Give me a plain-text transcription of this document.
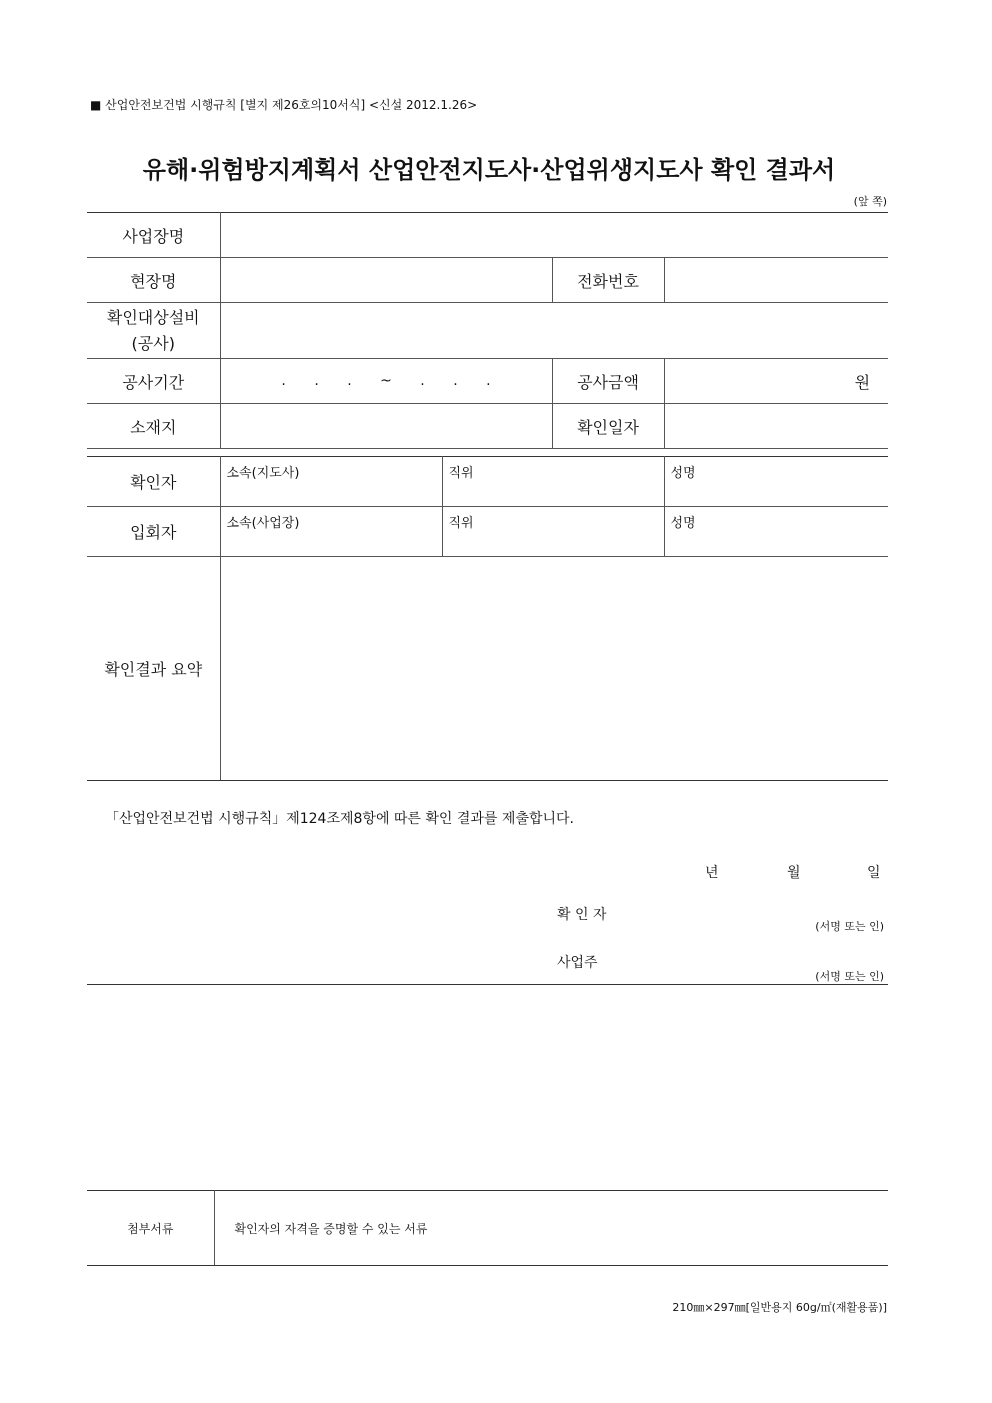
■ 산업안전보건법 시행규칙 [별지 제26호의10서식] <신설 2012.1.26>
유해·위험방지계획서 산업안전지도사·산업위생지도사 확인 결과서
(앞 쪽)
사업장명			
현장명		전화번호	

확인대상설비
(공사)			

공사기간	. . . ~ . . .	공사금액	원
소재지		확인일자	
확인자	소속(지도사)	직위	성명
입회자	소속(사업장)	직위	성명
확인결과 요약			
「산업안전보건법 시행규칙」제124조제8항에 따른 확인 결과를 제출합니다.
년	월	일
확 인 자
(서명 또는 인)
사업주
(서명 또는 인)
첨부서류	확인자의 자격을 증명할 수 있는 서류
210㎜×297㎜[일반용지 60g/㎡(재활용품)]
